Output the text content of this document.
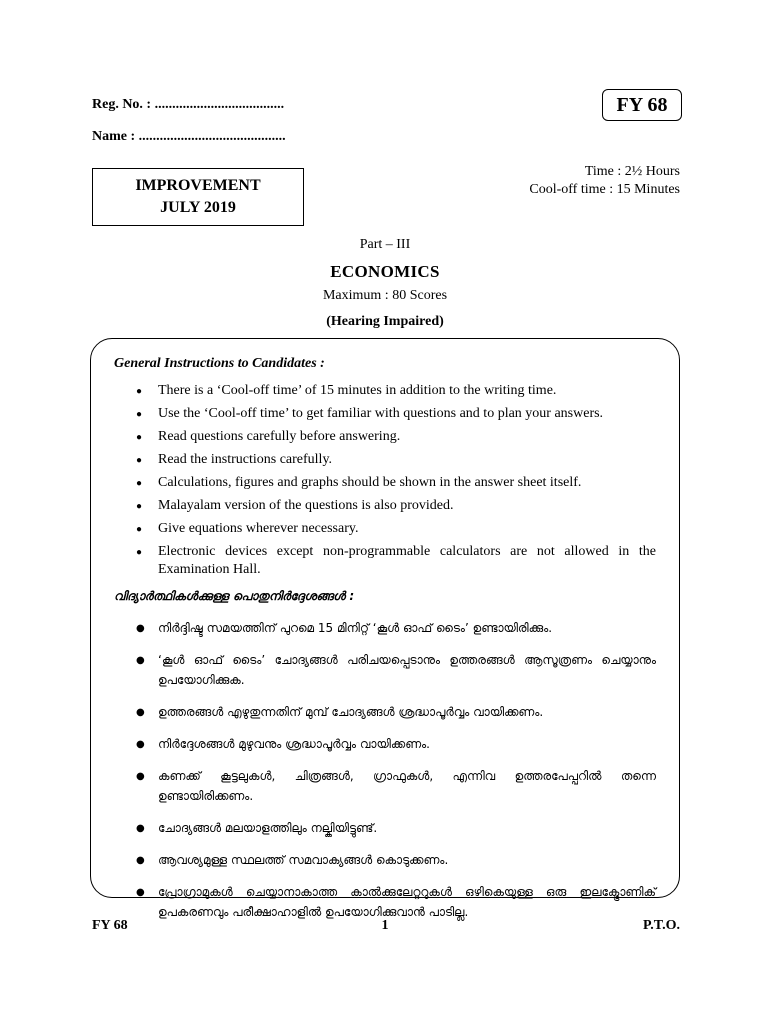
Reg. No. : .....................................
Name : ..........................................
FY 68
Time : 2½ Hours
Cool-off time : 15 Minutes
IMPROVEMENT
JULY 2019
Part – III
ECONOMICS
Maximum : 80 Scores
(Hearing Impaired)
General Instructions to Candidates :
● There is a ‘Cool-off time’ of 15 minutes in addition to the writing time.
● Use the ‘Cool-off time’ to get familiar with questions and to plan your answers.
● Read questions carefully before answering.
● Read the instructions carefully.
● Calculations, figures and graphs should be shown in the answer sheet itself.
● Malayalam version of the questions is also provided.
● Give equations wherever necessary.
● Electronic devices except non-programmable calculators are not allowed in the Examination Hall.
വിദ്യാർത്ഥികൾക്കുള്ള പൊതുനിർദ്ദേശങ്ങൾ :
● നിർദ്ദിഷ്ട സമയത്തിന് പുറമെ 15 മിനിറ്റ് ‘കൂൾ ഓഫ് ടൈം’ ഉണ്ടായിരിക്കും.
● ‘കൂൾ ഓഫ് ടൈം’ ചോദ്യങ്ങൾ പരിചയപ്പെടാനും ഉത്തരങ്ങൾ ആസൂത്രണം ചെയ്യാനും ഉപയോഗിക്കുക.
● ഉത്തരങ്ങൾ എഴുതുന്നതിന് മുമ്പ് ചോദ്യങ്ങൾ ശ്രദ്ധാപൂർവ്വം വായിക്കണം.
● നിർദ്ദേശങ്ങൾ മുഴുവനും ശ്രദ്ധാപൂർവ്വം വായിക്കണം.
● കണക്ക് കൂട്ടലുകൾ, ചിത്രങ്ങൾ, ഗ്രാഫുകൾ, എന്നിവ ഉത്തരപേപ്പറിൽ തന്നെ ഉണ്ടായിരിക്കണം.
● ചോദ്യങ്ങൾ മലയാളത്തിലും നല്കിയിട്ടുണ്ട്.
● ആവശ്യമുള്ള സ്ഥലത്ത് സമവാക്യങ്ങൾ കൊടുക്കണം.
● പ്രോഗ്രാമുകൾ ചെയ്യാനാകാത്ത കാൽക്കുലേറ്ററുകൾ ഒഴികെയുള്ള ഒരു ഇലക്ട്രോണിക് ഉപകരണവും പരീക്ഷാഹാളിൽ ഉപയോഗിക്കുവാൻ പാടില്ല.
FY 68	1	P.T.O.
